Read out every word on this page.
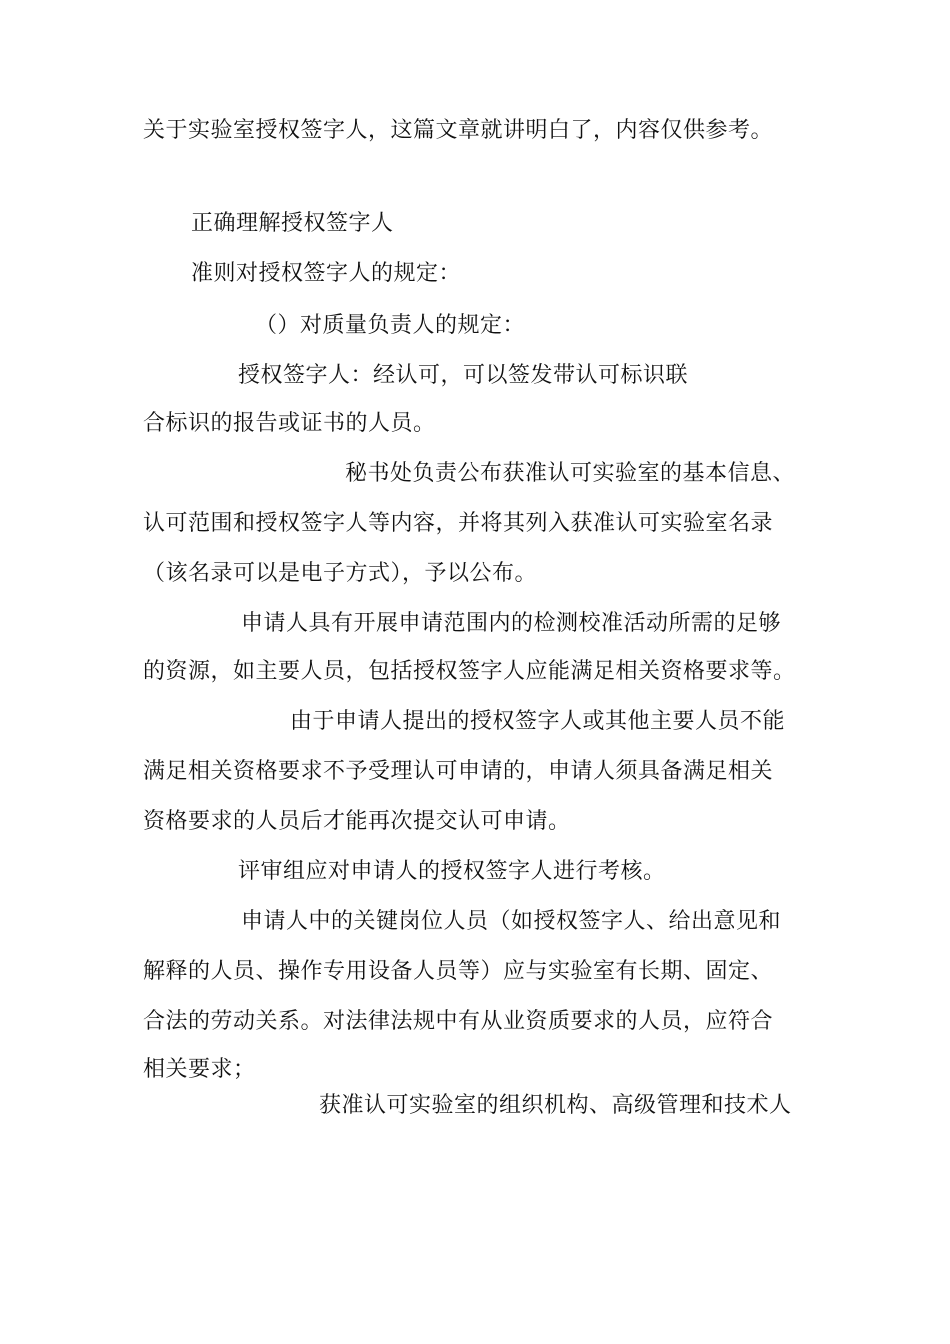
关于实验室授权签字人，这篇文章就讲明白了，内容仅供参考。
正确理解授权签字人
准则对授权签字人的规定：
（）对质量负责人的规定：
授权签字人：经认可，可以签发带认可标识联
合标识的报告或证书的人员。
秘书处负责公布获准认可实验室的基本信息、
认可范围和授权签字人等内容，并将其列入获准认可实验室名录
（该名录可以是电子方式），予以公布。
申请人具有开展申请范围内的检测校准活动所需的足够
的资源，如主要人员，包括授权签字人应能满足相关资格要求等。
由于申请人提出的授权签字人或其他主要人员不能
满足相关资格要求不予受理认可申请的，申请人须具备满足相关
资格要求的人员后才能再次提交认可申请。
评审组应对申请人的授权签字人进行考核。
申请人中的关键岗位人员（如授权签字人、给出意见和
解释的人员、操作专用设备人员等）应与实验室有长期、固定、
合法的劳动关系。对法律法规中有从业资质要求的人员，应符合
相关要求；
获准认可实验室的组织机构、高级管理和技术人
